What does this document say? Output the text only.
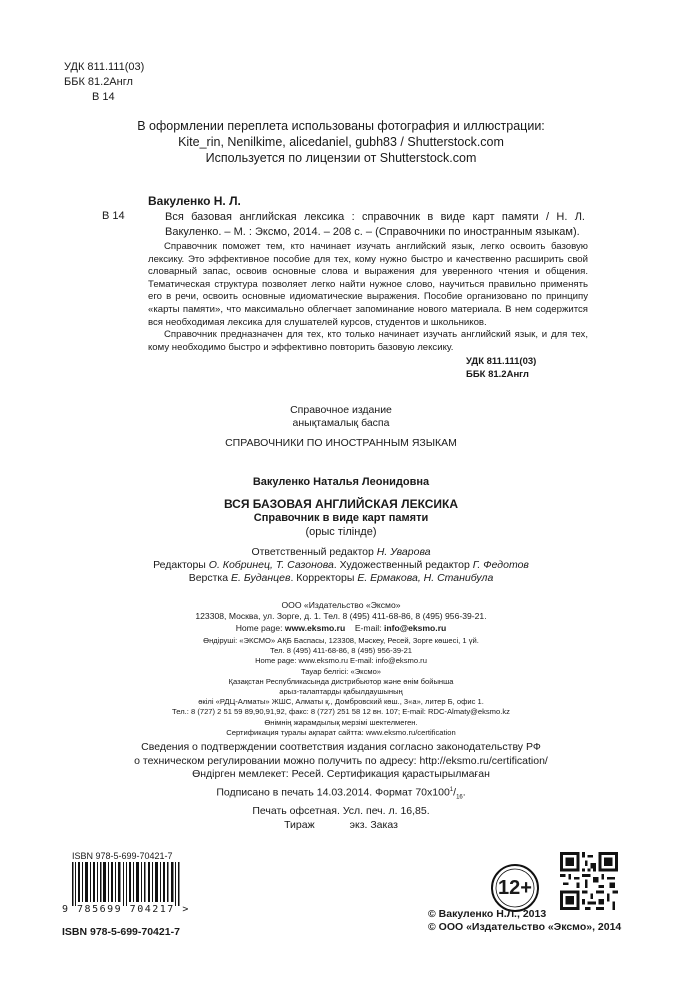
УДК 811.111(03)
ББК 81.2Англ
В 14
В оформлении переплета использованы фотография и иллюстрации:
Kite_rin, Nenilkime, alicedaniel, gubh83 / Shutterstock.com
Используется по лицензии от Shutterstock.com
Вакуленко Н. Л.
В 14	Вся базовая английская лексика : справочник в виде карт памяти / Н. Л. Вакуленко. – М. : Эксмо, 2014. – 208 с. – (Справочники по иностранным языкам).

Справочник поможет тем, кто начинает изучать английский язык, легко освоить базовую лексику. Это эффективное пособие для тех, кому нужно быстро и качественно расширить свой словарный запас, освоив основные слова и выражения для уверенного чтения и общения. Тематическая структура позволяет легко найти нужное слово, научиться правильно применять его в речи, освоить основные идиоматические выражения. Пособие организовано по принципу «карты памяти», что максимально облегчает запоминание нового материала. В нем содержится вся необходимая лексика для слушателей курсов, студентов и школьников.

Справочник предназначен для тех, кто только начинает изучать английский язык, и для тех, кому необходимо быстро и эффективно повторить базовую лексику.

УДК 811.111(03)
ББК 81.2Англ
Справочное издание
анықтамалық баспа
СПРАВОЧНИКИ ПО ИНОСТРАННЫМ ЯЗЫКАМ
Вакуленко Наталья Леонидовна
ВСЯ БАЗОВАЯ АНГЛИЙСКАЯ ЛЕКСИКА
Справочник в виде карт памяти
(орыс тілінде)
Ответственный редактор Н. Уварова
Редакторы О. Кобринец, Т. Сазонова. Художественный редактор Г. Федотов
Верстка Е. Буданцев. Корректоры Е. Ермакова, Н. Станибула
ООО «Издательство «Эксмо»
123308, Москва, ул. Зорге, д. 1. Тел. 8 (495) 411-68-86, 8 (495) 956-39-21.
Home page: www.eksmo.ru E-mail: info@eksmo.ru
Өндіруші: «ЭКСМО» АҚБ Баспасы, 123308, Мәскеу, Ресей, Зорге көшесі, 1 үй.
Тел. 8 (495) 411-68-86, 8 (495) 956-39-21
Home page: www.eksmo.ru E-mail: info@eksmo.ru
Тауар белгісі: «Эксмо»
Қазақстан Республикасында дистрибьютор және өнім бойынша
арыз-талаптарды қабылдаушының
өкілі «РДЦ-Алматы» ЖШС, Алматы қ., Домбровский көш., 3«а», литер Б, офис 1.
Тел.: 8 (727) 2 51 59 89,90,91,92, факс: 8 (727) 251 58 12 вн. 107; E-mail: RDC-Almaty@eksmo.kz
Өнімнің жарамдылық мерзімі шектелмеген.
Сертификация туралы ақпарат сайтта: www.eksmo.ru/certification
Сведения о подтверждении соответствия издания согласно законодательству РФ
о техническом регулировании можно получить по адресу: http://eksmo.ru/certification/
Өндірген мемлекет: Ресей. Сертификация қарастырылмаған
Подписано в печать 14.03.2014. Формат $70x100^1/_{16}$.
Печать офсетная. Усл. печ. л. 16,85.
Тираж            экз. Заказ
ISBN 978-5-699-70421-7
9 785699 704217 >
ISBN 978-5-699-70421-7
12+
© Вакуленко Н.Л., 2013
© ООО «Издательство «Эксмо», 2014
